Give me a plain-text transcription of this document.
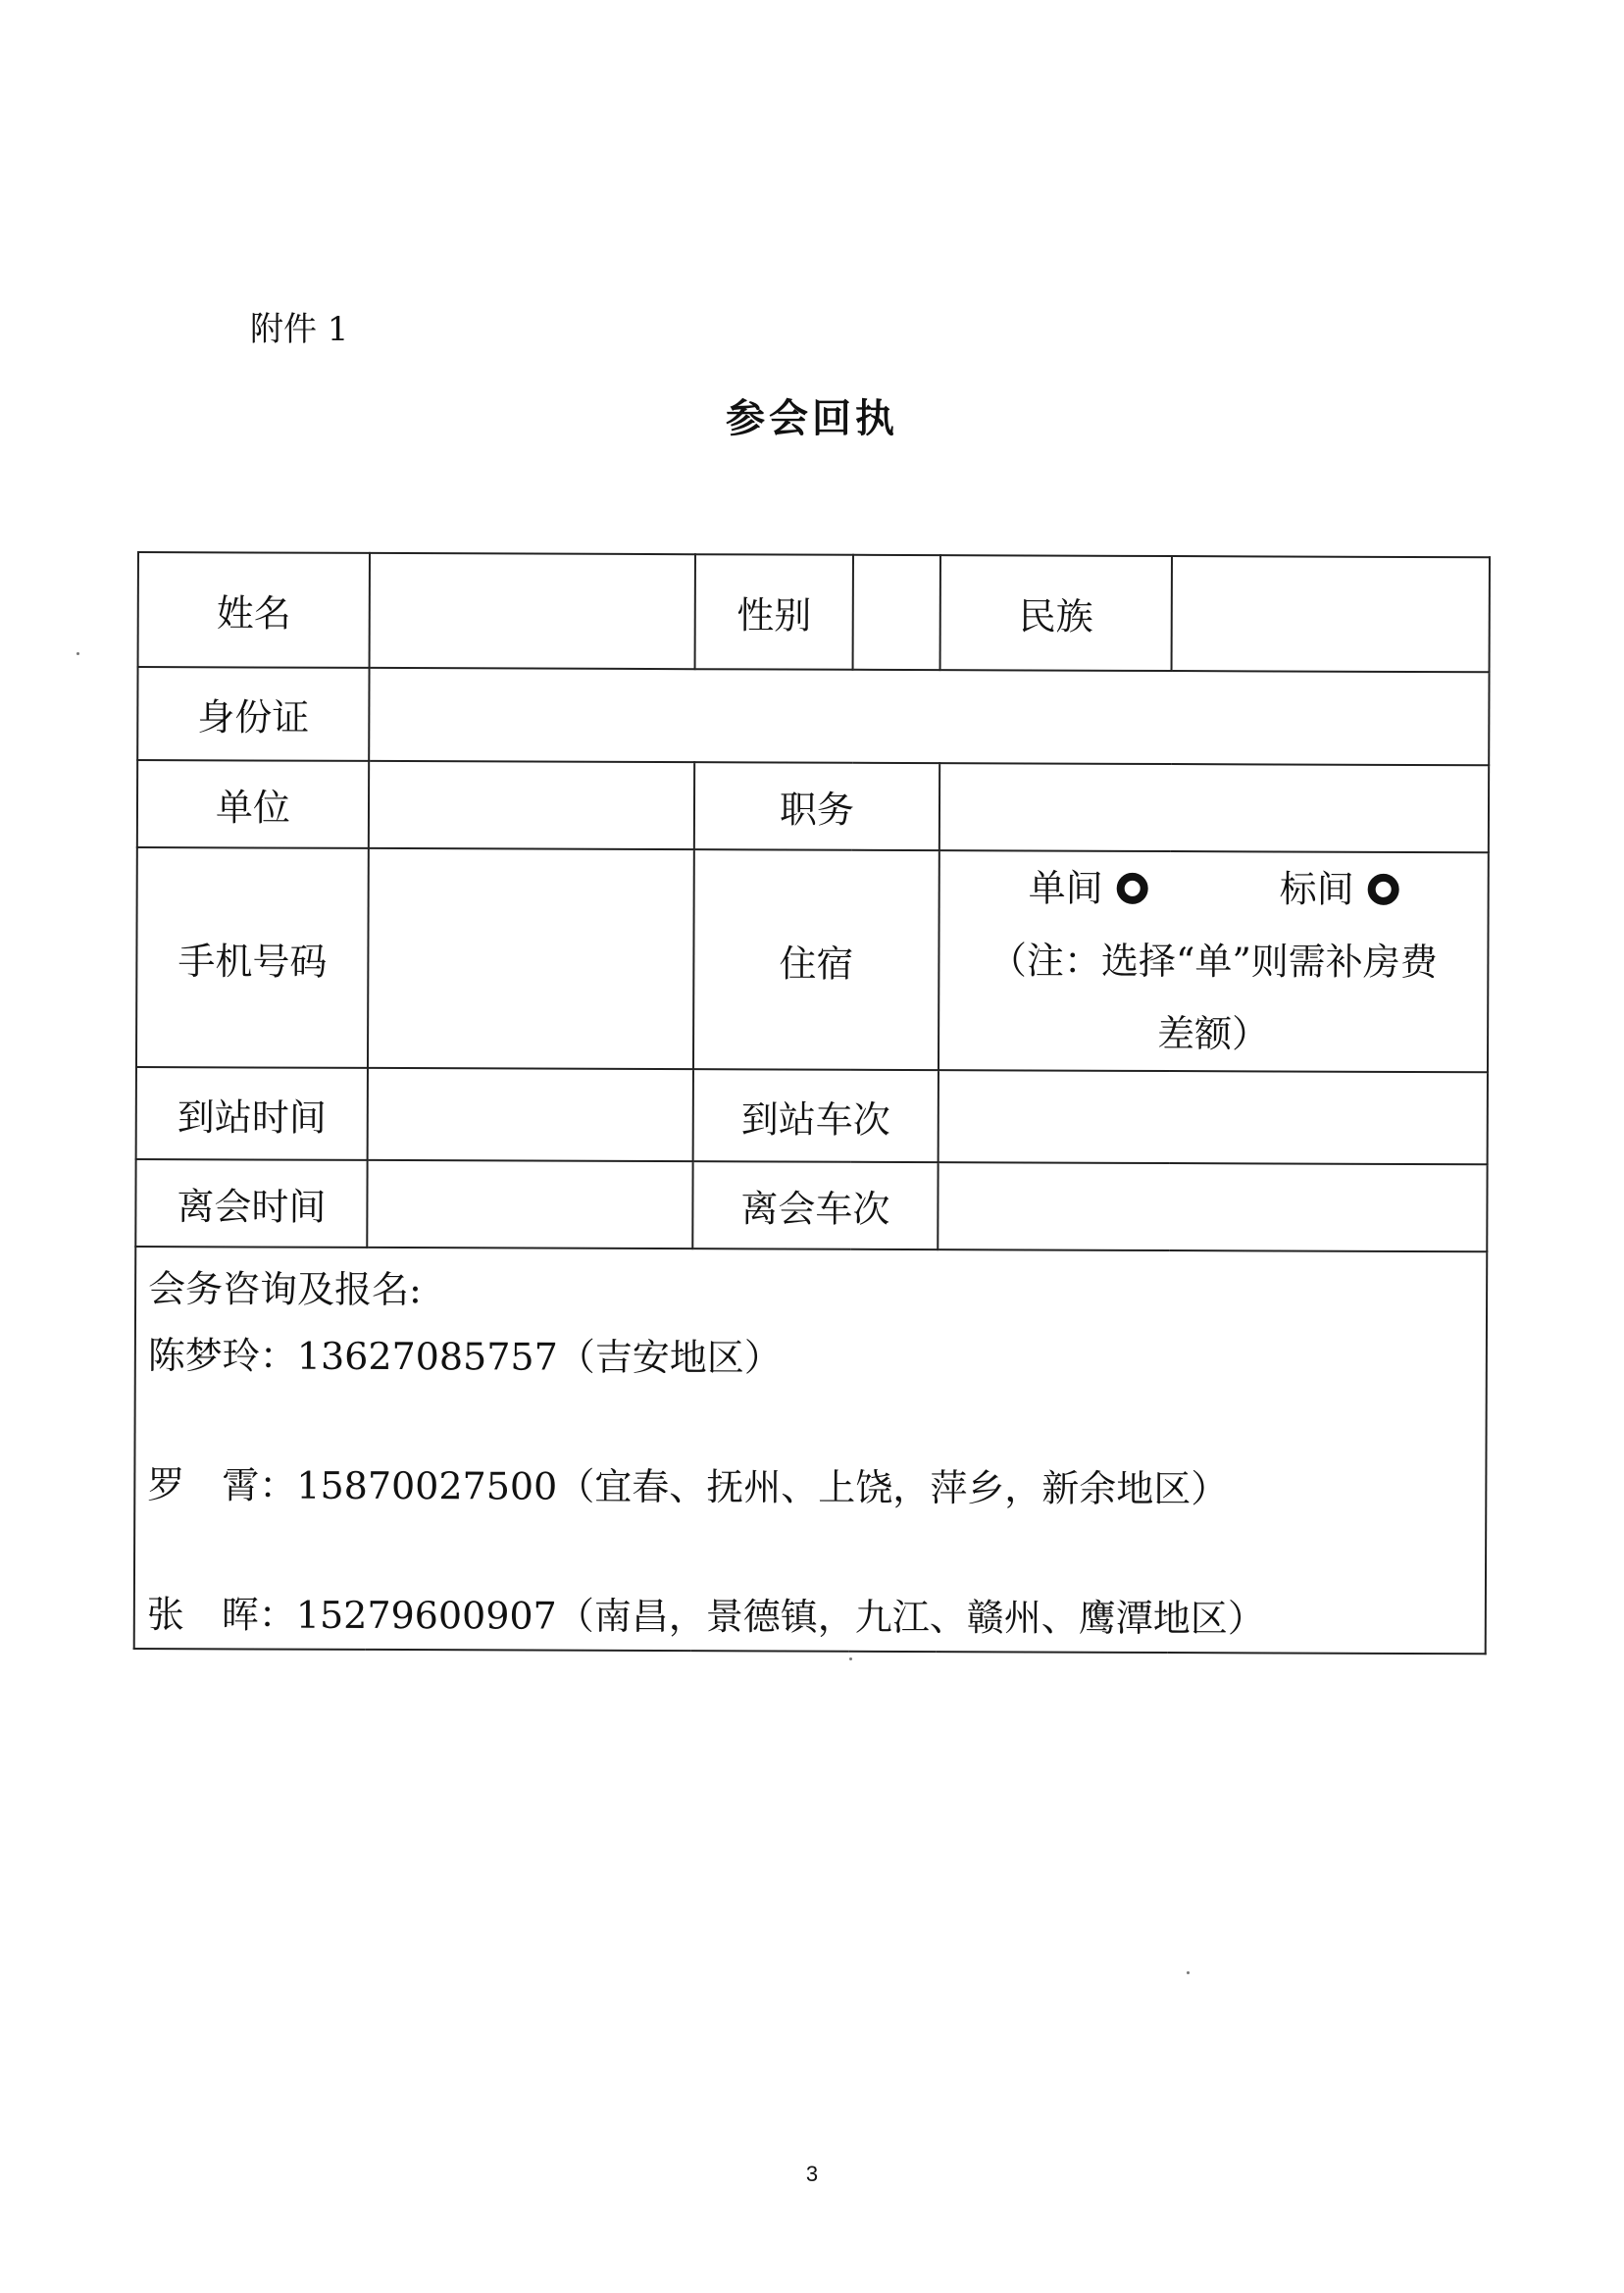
附件 1
参会回执
姓名		性别		民族	
身份证					
单位		职务			
手机号码		住宿		单间 标间
（注：选择“单”则需补房费
差额）	

到站时间		到站车次			
离会时间		离会车次			

会务咨询及报名:
陈梦玲：13627085757（吉安地区）
罗　霄：15870027500（宜春、抚州、上饶，萍乡，新余地区）
张　晖：15279600907（南昌，景德镇，九江、赣州、鹰潭地区）					
3
